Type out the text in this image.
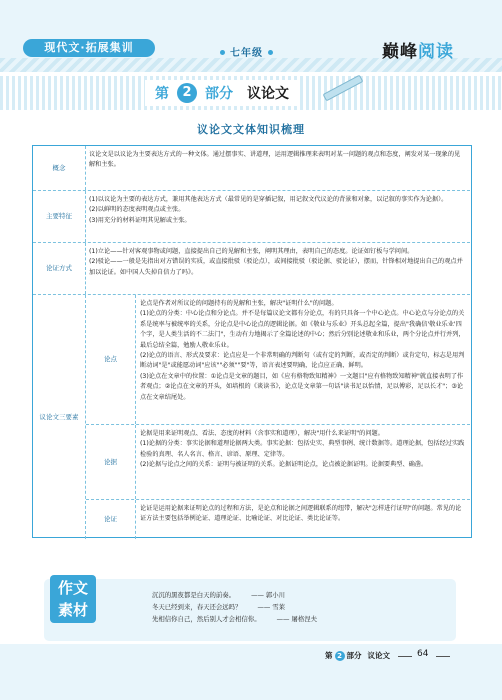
现代文·拓展集训	七年级	巅峰阅读
第	2 部分 议论文
议论文文体知识梳理
概念

议论文是以议论为主要表达方式的一种文体。通过摆事实、讲道理，运用逻辑推理来表明对某一问题的观点和态度，阐发对某一现象的见解和主张。

主要特征

(1)以议论为主要的表达方式，兼用其他表达方式（最常见的是穿插记叙，用记叙文代议论的背景和对象，以记叙的事实作为论据）。

(2)以鲜明的态度表明观点或主张。

(3)用充分的材料证明其见解或主张。

论证方式

(1)立论——针对客观事物或问题，直接提出自己的见解和主张，阐明其理由，表明自己的态度。论证如钉板与学问间。

(2)驳论——一般是先指出对方错误的实质，或直接批驳（驳论点），或间接批驳（驳论据、驳论证），摆而，针锋相对地提出自己的观点并加以论证。如中国人失掉自信力了吗》。

议论文三要素
论点

论点是作者对所议论的问题持有的见解和主张，解决"证明什么"的问题。

(1)论点的分类：中心论点和分论点。并不是每篇议论文都有分论点，有的只具备一个中心论点。中心论点与分论点的关系是统率与被统率的关系，分论点是中心论点的逻辑论据。如《敬业与乐业》开头总起全篇，提出"我确信'敬业乐业'四个字，是人类生活的不二法门"，生动有力地揭示了全篇论述的中心；然后分别论述敬业和乐业，两个分论点并行并列，最后总结全篇，勉励人敬业乐业。

(2)论点的语言、形式及要求：论点应是一个非常明确的判断句（或有定的判断，或否定的判断）或肯定句，标志是用判断动词"是"或能愿动词"应该""必须""要"等，语言表述要明确，论点应正确、鲜明。

(3)论点在文章中的位置：①论点是文章的题目，如《应有格物致知精神》一文题目"应有格物致知精神"就直接表明了作者观点；②论点在文章的开头，如培根的《谈读书》，论点是文章第一句话"读书足以怡情，足以傅彩，足以长才"；③论点在文章结尾处。

论据

论据是用来证明观点、看法、态度的材料（含事实和道理），解决"用什么来证明"的问题。

(1)论据的分类：事实论据和道理论据两大类。事实论据：包括史实、典型事例、统计数据等。道理论据，包括经过实践检验的真理、名人名言、格言、谚语、原理、定律等。

(2)论据与论点之间的关系：证明与被证明的关系。论据证明论点，论点被论据证明。论据要典型、确凿。

论证

论证是运用论据来证明论点的过程和方法，是论点和论据之间逻辑联系的纽带，解决"怎样进行证明"的问题。常见的论证方法主要包括举例论证、道理论证、比喻论证、对比论证、类比论证等。

作文
素材
沉沉的黑夜都是白天的前奏。	—— 郭小川
冬天已经到来，春天还会远吗？	—— 雪莱
先相信你自己，然后别人才会相信你。	—— 屠格涅夫
第 2 部分 议论文	64
